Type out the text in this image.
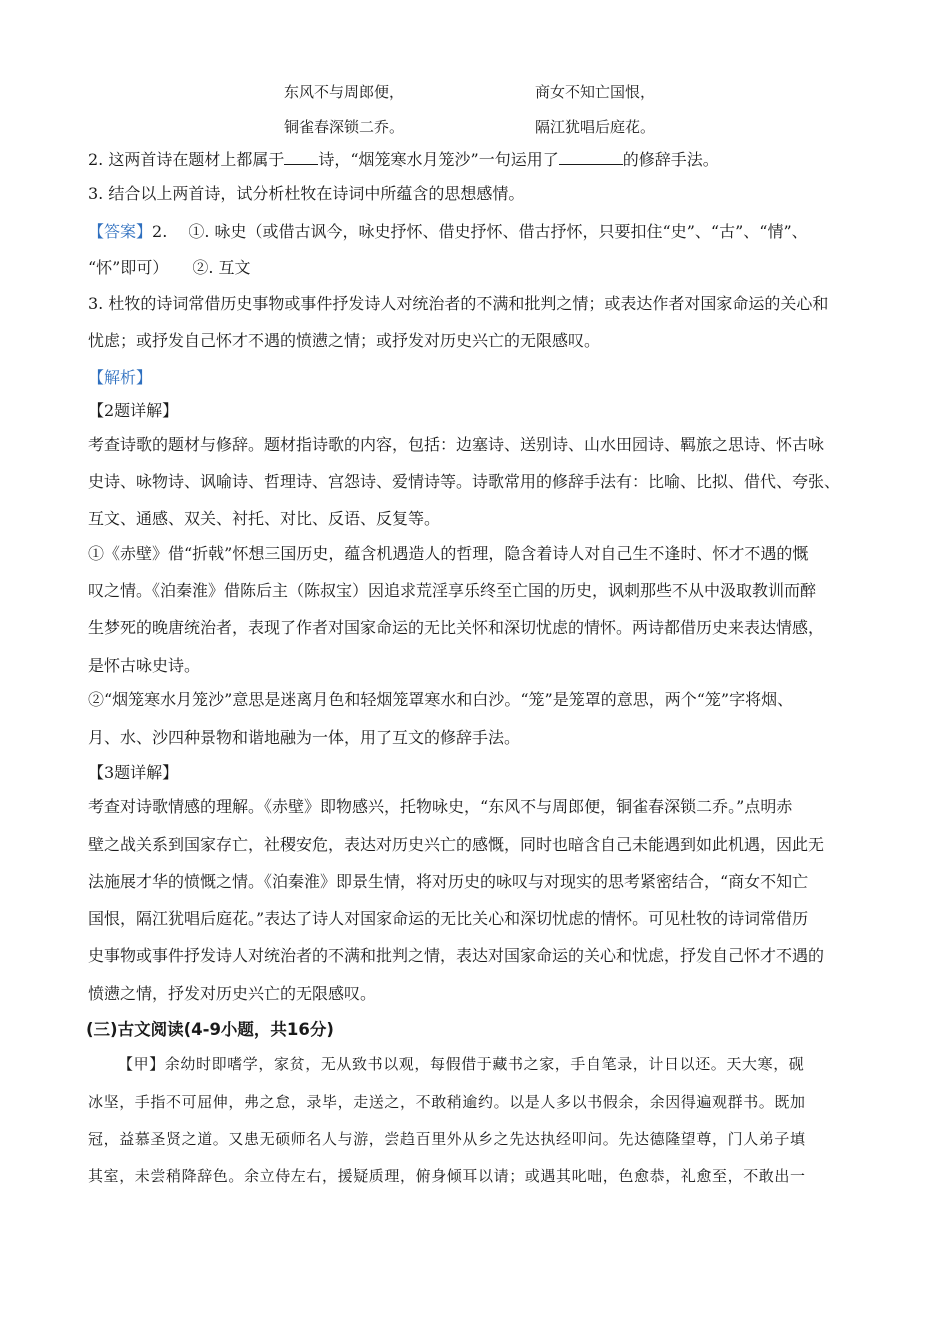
东风不与周郎便，	商女不知亡国恨，
铜雀春深锁二乔。	隔江犹唱后庭花。
2. 这两首诗在题材上都属于 诗，“烟笼寒水月笼沙”一句运用了	的修辞手法。
3. 结合以上两首诗，试分析杜牧在诗词中所蕴含的思想感情。
【答案】2.　 ①. 咏史（或借古讽今，咏史抒怀、借史抒怀、借古抒怀，只要扣住“史”、“古”、“情”、
“怀”即可）　　②. 互文
3. 杜牧的诗词常借历史事物或事件抒发诗人对统治者的不满和批判之情；或表达作者对国家命运的关心和
忧虑；或抒发自己怀才不遇的愤懑之情；或抒发对历史兴亡的无限感叹。
【解析】
【2题详解】
考查诗歌的题材与修辞。题材指诗歌的内容，包括：边塞诗、送别诗、山水田园诗、羁旅之思诗、怀古咏
史诗、咏物诗、讽喻诗、哲理诗、宫怨诗、爱情诗等。诗歌常用的修辞手法有：比喻、比拟、借代、夸张、
互文、通感、双关、衬托、对比、反语、反复等。
①《赤壁》借“折戟”怀想三国历史，蕴含机遇造人的哲理，隐含着诗人对自己生不逢时、怀才不遇的慨
叹之情。《泊秦淮》借陈后主（陈叔宝）因追求荒淫享乐终至亡国的历史，讽刺那些不从中汲取教训而醉
生梦死的晚唐统治者，表现了作者对国家命运的无比关怀和深切忧虑的情怀。两诗都借历史来表达情感，
是怀古咏史诗。
②“烟笼寒水月笼沙”意思是迷离月色和轻烟笼罩寒水和白沙。“笼”是笼罩的意思，两个“笼”字将烟、
月、水、沙四种景物和谐地融为一体，用了互文的修辞手法。
【3题详解】
考查对诗歌情感的理解。《赤壁》即物感兴，托物咏史，“东风不与周郎便，铜雀春深锁二乔。”点明赤
壁之战关系到国家存亡，社稷安危，表达对历史兴亡的感慨，同时也暗含自己未能遇到如此机遇，因此无
法施展才华的愤慨之情。《泊秦淮》即景生情，将对历史的咏叹与对现实的思考紧密结合，“商女不知亡
国恨，隔江犹唱后庭花。”表达了诗人对国家命运的无比关心和深切忧虑的情怀。可见杜牧的诗词常借历
史事物或事件抒发诗人对统治者的不满和批判之情，表达对国家命运的关心和忧虑，抒发自己怀才不遇的
愤懑之情，抒发对历史兴亡的无限感叹。
(三)古文阅读(4-9小题，共16分)
【甲】余幼时即嗜学，家贫，无从致书以观，每假借于藏书之家，手自笔录，计日以还。天大寒，砚
冰坚，手指不可屈伸，弗之怠，录毕，走送之，不敢稍逾约。以是人多以书假余，余因得遍观群书。既加
冠，益慕圣贤之道。又患无硕师名人与游，尝趋百里外从乡之先达执经叩问。先达德隆望尊，门人弟子填
其室，未尝稍降辞色。余立侍左右，援疑质理，俯身倾耳以请；或遇其叱咄，色愈恭，礼愈至，不敢出一
